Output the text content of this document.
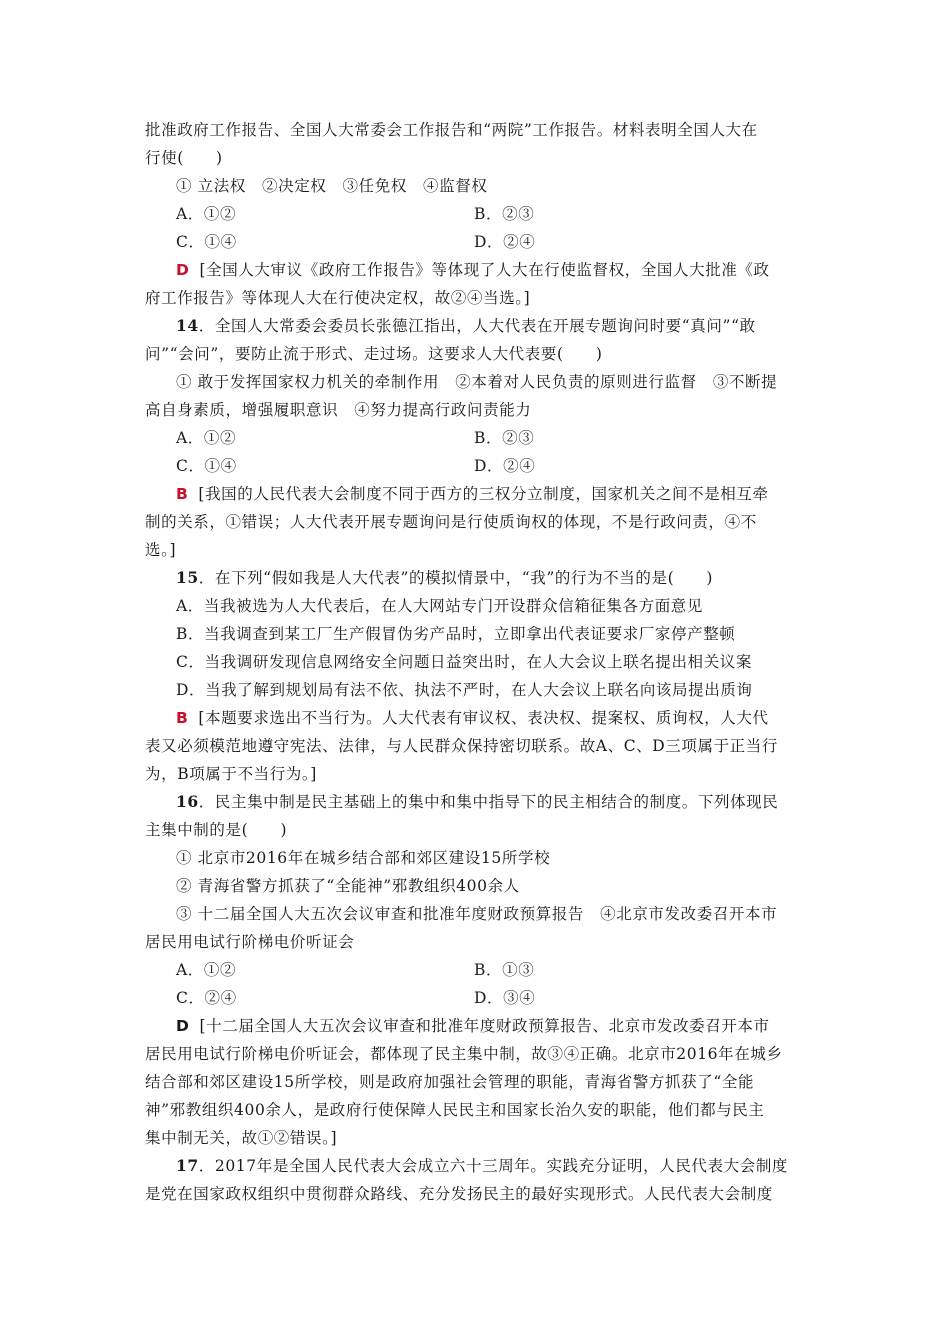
批准政府工作报告、全国人大常委会工作报告和“两院”工作报告。材料表明全国人大在
行使(　　)
① 立法权　②决定权　③任免权　④监督权
A．①②	B．②③
C．①④	D．②④
D [全国人大审议《政府工作报告》等体现了人大在行使监督权，全国人大批准《政
府工作报告》等体现人大在行使决定权，故②④当选。]
14．全国人大常委会委员长张德江指出，人大代表在开展专题询问时要“真问”“敢
问”“会问”，要防止流于形式、走过场。这要求人大代表要(　　)
① 敢于发挥国家权力机关的牵制作用　②本着对人民负责的原则进行监督　③不断提
高自身素质，增强履职意识　④努力提高行政问责能力
A．①②	B．②③
C．①④	D．②④
B [我国的人民代表大会制度不同于西方的三权分立制度，国家机关之间不是相互牵
制的关系，①错误；人大代表开展专题询问是行使质询权的体现，不是行政问责，④不
选。]
15．在下列“假如我是人大代表”的模拟情景中，“我”的行为不当的是(　　)
A．当我被选为人大代表后，在人大网站专门开设群众信箱征集各方面意见
B．当我调查到某工厂生产假冒伪劣产品时，立即拿出代表证要求厂家停产整顿
C．当我调研发现信息网络安全问题日益突出时，在人大会议上联名提出相关议案
D．当我了解到规划局有法不依、执法不严时，在人大会议上联名向该局提出质询
B [本题要求选出不当行为。人大代表有审议权、表决权、提案权、质询权，人大代
表又必须模范地遵守宪法、法律，与人民群众保持密切联系。故A、C、D三项属于正当行
为，B项属于不当行为。]
16．民主集中制是民主基础上的集中和集中指导下的民主相结合的制度。下列体现民
主集中制的是(　　)
① 北京市2016年在城乡结合部和郊区建设15所学校
② 青海省警方抓获了“全能神”邪教组织400余人
③ 十二届全国人大五次会议审查和批准年度财政预算报告　④北京市发改委召开本市
居民用电试行阶梯电价听证会
A．①②	B．①③
C．②④	D．③④
D [十二届全国人大五次会议审查和批准年度财政预算报告、北京市发改委召开本市
居民用电试行阶梯电价听证会，都体现了民主集中制，故③④正确。北京市2016年在城乡
结合部和郊区建设15所学校，则是政府加强社会管理的职能，青海省警方抓获了“全能
神”邪教组织400余人，是政府行使保障人民民主和国家长治久安的职能，他们都与民主
集中制无关，故①②错误。]
17．2017年是全国人民代表大会成立六十三周年。实践充分证明，人民代表大会制度
是党在国家政权组织中贯彻群众路线、充分发扬民主的最好实现形式。人民代表大会制度
